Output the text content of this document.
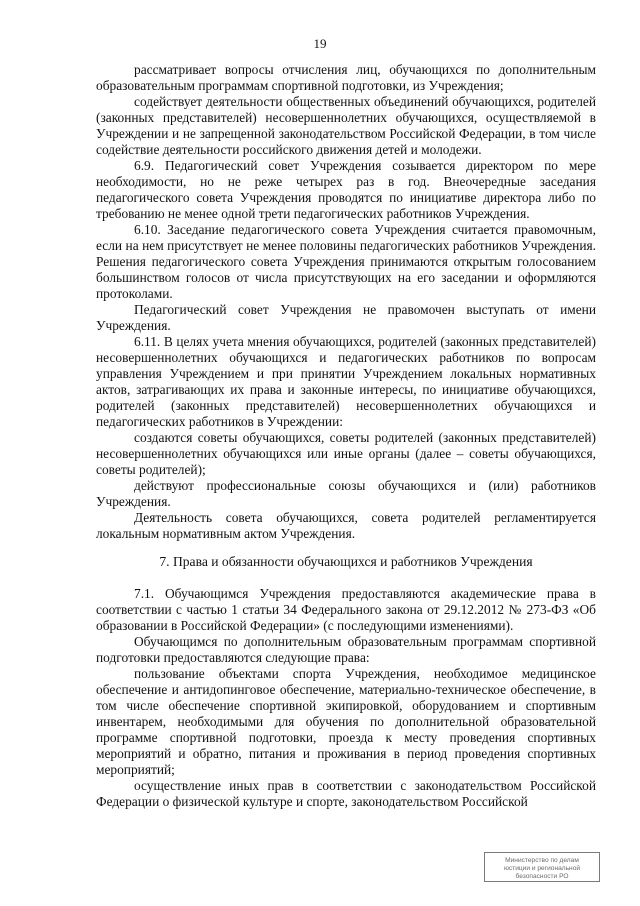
19

рассматривает вопросы отчисления лиц, обучающихся по дополнительным образовательным программам спортивной подготовки, из Учреждения;

содействует деятельности общественных объединений обучающихся, родителей (законных представителей) несовершеннолетних обучающихся, осуществляемой в Учреждении и не запрещенной законодательством Российской Федерации, в том числе содействие деятельности российского движения детей и молодежи.

6.9. Педагогический совет Учреждения созывается директором по мере необходимости, но не реже четырех раз в год. Внеочередные заседания педагогического совета Учреждения проводятся по инициативе директора либо по требованию не менее одной трети педагогических работников Учреждения.

6.10. Заседание педагогического совета Учреждения считается правомочным, если на нем присутствует не менее половины педагогических работников Учреждения. Решения педагогического совета Учреждения принимаются открытым голосованием большинством голосов от числа присутствующих на его заседании и оформляются протоколами.

Педагогический совет Учреждения не правомочен выступать от имени Учреждения.

6.11. В целях учета мнения обучающихся, родителей (законных представителей) несовершеннолетних обучающихся и педагогических работников по вопросам управления Учреждением и при принятии Учреждением локальных нормативных актов, затрагивающих их права и законные интересы, по инициативе обучающихся, родителей (законных представителей) несовершеннолетних обучающихся и педагогических работников в Учреждении:

создаются советы обучающихся, советы родителей (законных представителей) несовершеннолетних обучающихся или иные органы (далее – советы обучающихся, советы родителей);

действуют профессиональные союзы обучающихся и (или) работников Учреждения.

Деятельность совета обучающихся, совета родителей регламентируется локальным нормативным актом Учреждения.

7. Права и обязанности обучающихся и работников Учреждения

7.1. Обучающимся Учреждения предоставляются академические права в соответствии с частью 1 статьи 34 Федерального закона от 29.12.2012 № 273-ФЗ «Об образовании в Российской Федерации» (с последующими изменениями).

Обучающимся по дополнительным образовательным программам спортивной подготовки предоставляются следующие права:

пользование объектами спорта Учреждения, необходимое медицинское обеспечение и антидопинговое обеспечение, материально-техническое обеспечение, в том числе обеспечение спортивной экипировкой, оборудованием и спортивным инвентарем, необходимыми для обучения по дополнительной образовательной программе спортивной подготовки, проезда к месту проведения спортивных мероприятий и обратно, питания и проживания в период проведения спортивных мероприятий;

осуществление иных прав в соответствии с законодательством Российской Федерации о физической культуре и спорте, законодательством Российской

Министерство по делам
юстиции и региональной
безопасности РО
